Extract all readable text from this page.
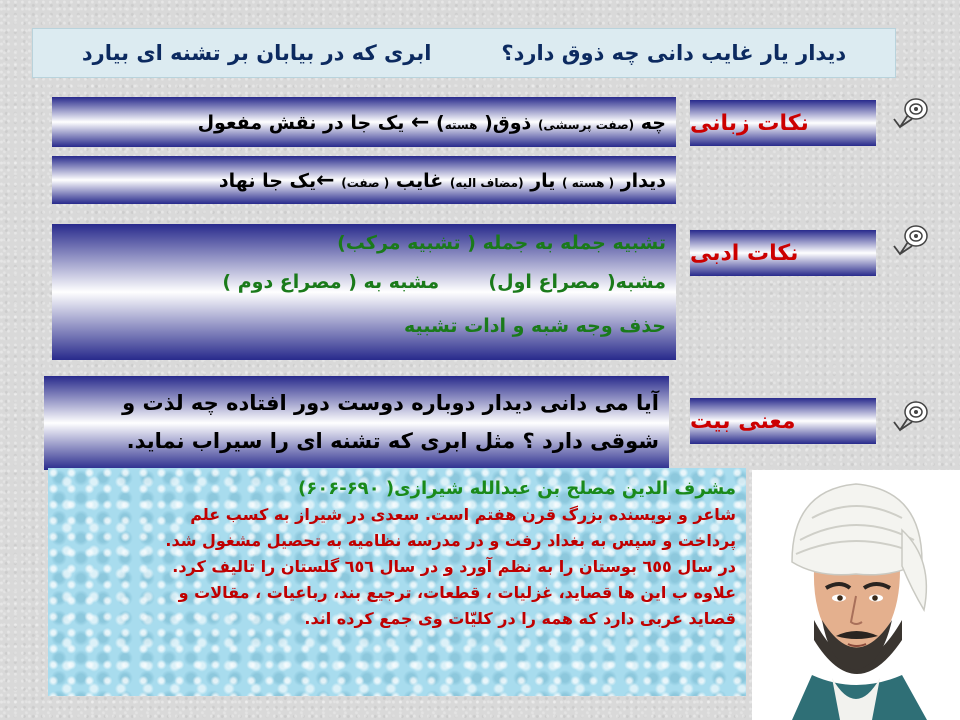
دیدار یار غایب دانی چه ذوق دارد؟
ابری که در بیابان بر تشنه ای بیارد
نکات زبانی
نکات ادبی
معنی بیت
چه (صفت پرسشی) ذوق( هسته) ← یک جا در نقش مفعول
دیدار ( هسته ) یار (مضاف الیه) غایب ( صفت) ←یک جا نهاد
تشبیه جمله به جمله ( تشبیه مرکب)
مشبه( مصراع اول)  مشبه به ( مصراع دوم )
حذف وجه شبه و ادات تشبیه
آیا می دانی دیدار دوباره دوست دور افتاده چه لذت و
شوقی دارد ؟ مثل ابری که تشنه ای را سیراب نماید.
مشرف الدین مصلح بن عبدالله شیرازی( ۶۹۰-۶۰۶)
شاعر و نویسنده بزرگ قرن هفتم است. سعدی در شیراز به کسب علم
پرداخت و سپس به بغداد رفت و در مدرسه نظامیه به تحصیل مشغول شد.
در سال ٦٥٥ بوستان را به نظم آورد و در سال ٦٥٦ گلستان را تالیف کرد.
علاوه ب این ها قصاید، غزلیات ، قطعات، ترجیع بند، رباعیات ، مقالات و
قصاید عربی دارد که همه را در کلیّات وی جمع کرده اند.
